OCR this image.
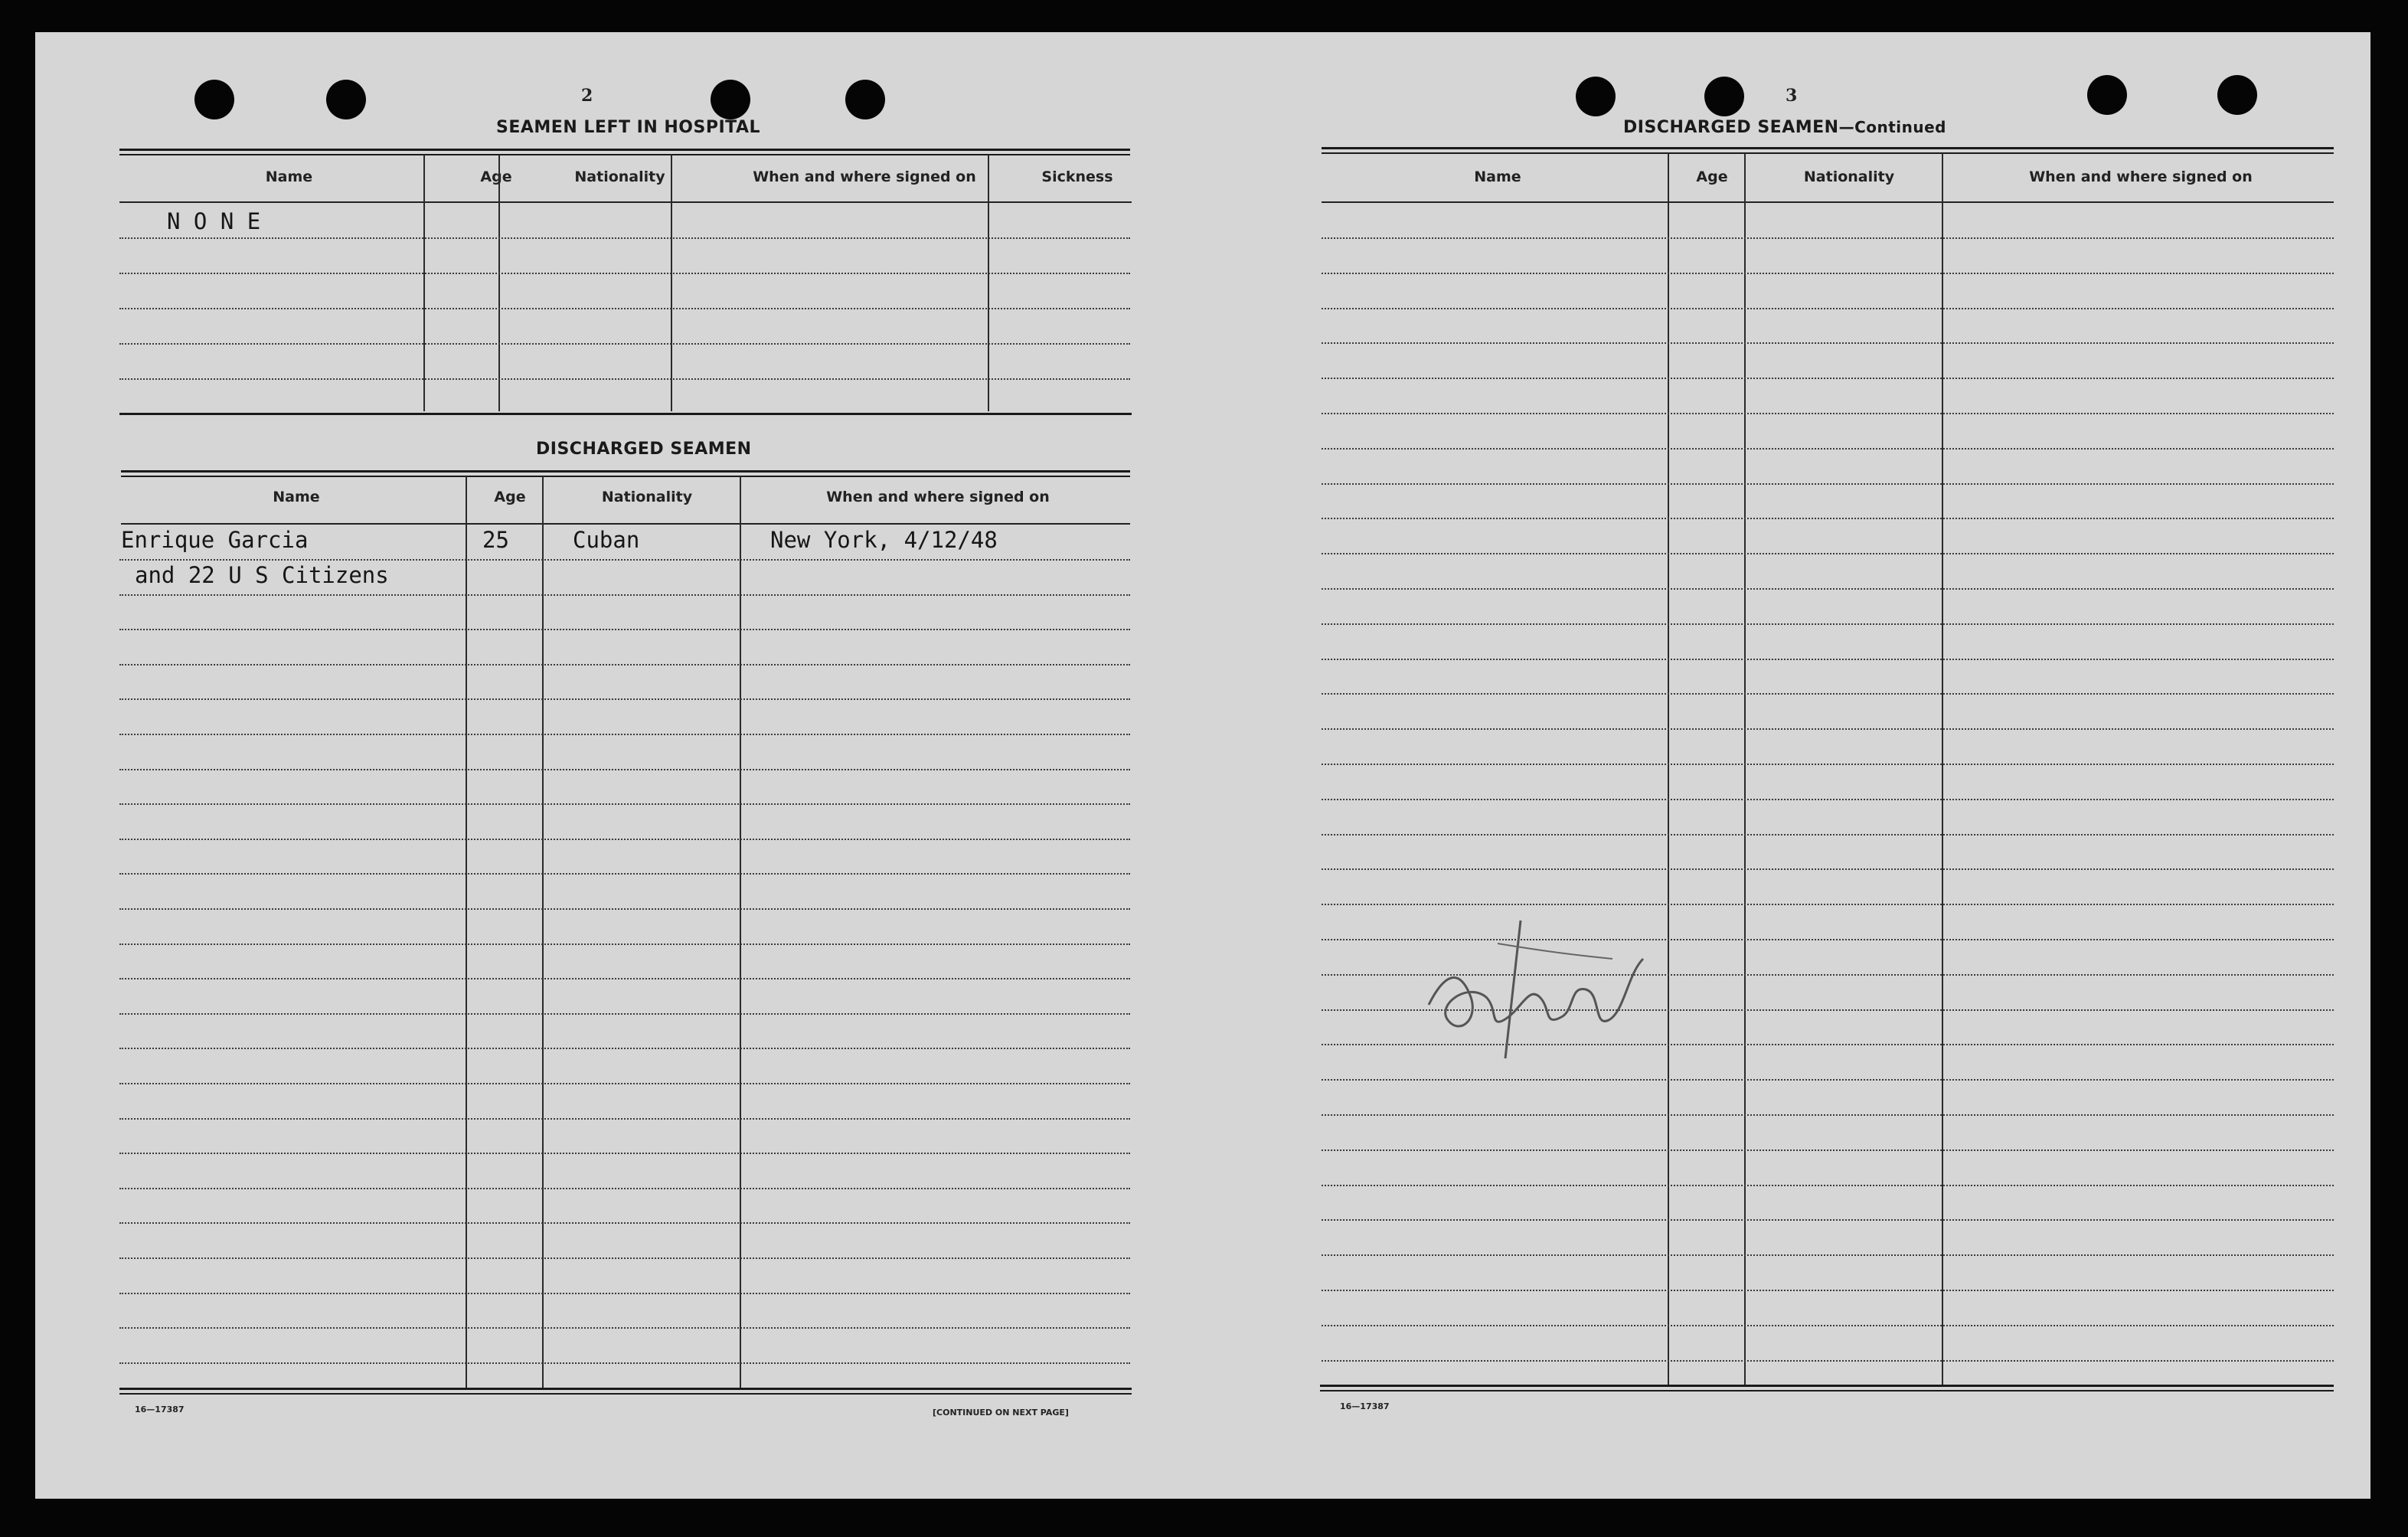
2
SEAMEN LEFT IN HOSPITAL
Name	Age	Nationality	When and where signed on	Sickness
N O N E
DISCHARGED SEAMEN
Name	Age	Nationality	When and where signed on
Enrique Garcia	25	Cuban	New York, 4/12/48
and 22 U S Citizens
16—17387	[CONTINUED ON NEXT PAGE]
3
DISCHARGED SEAMEN—Continued
Name	Age	Nationality	When and where signed on
16—17387
